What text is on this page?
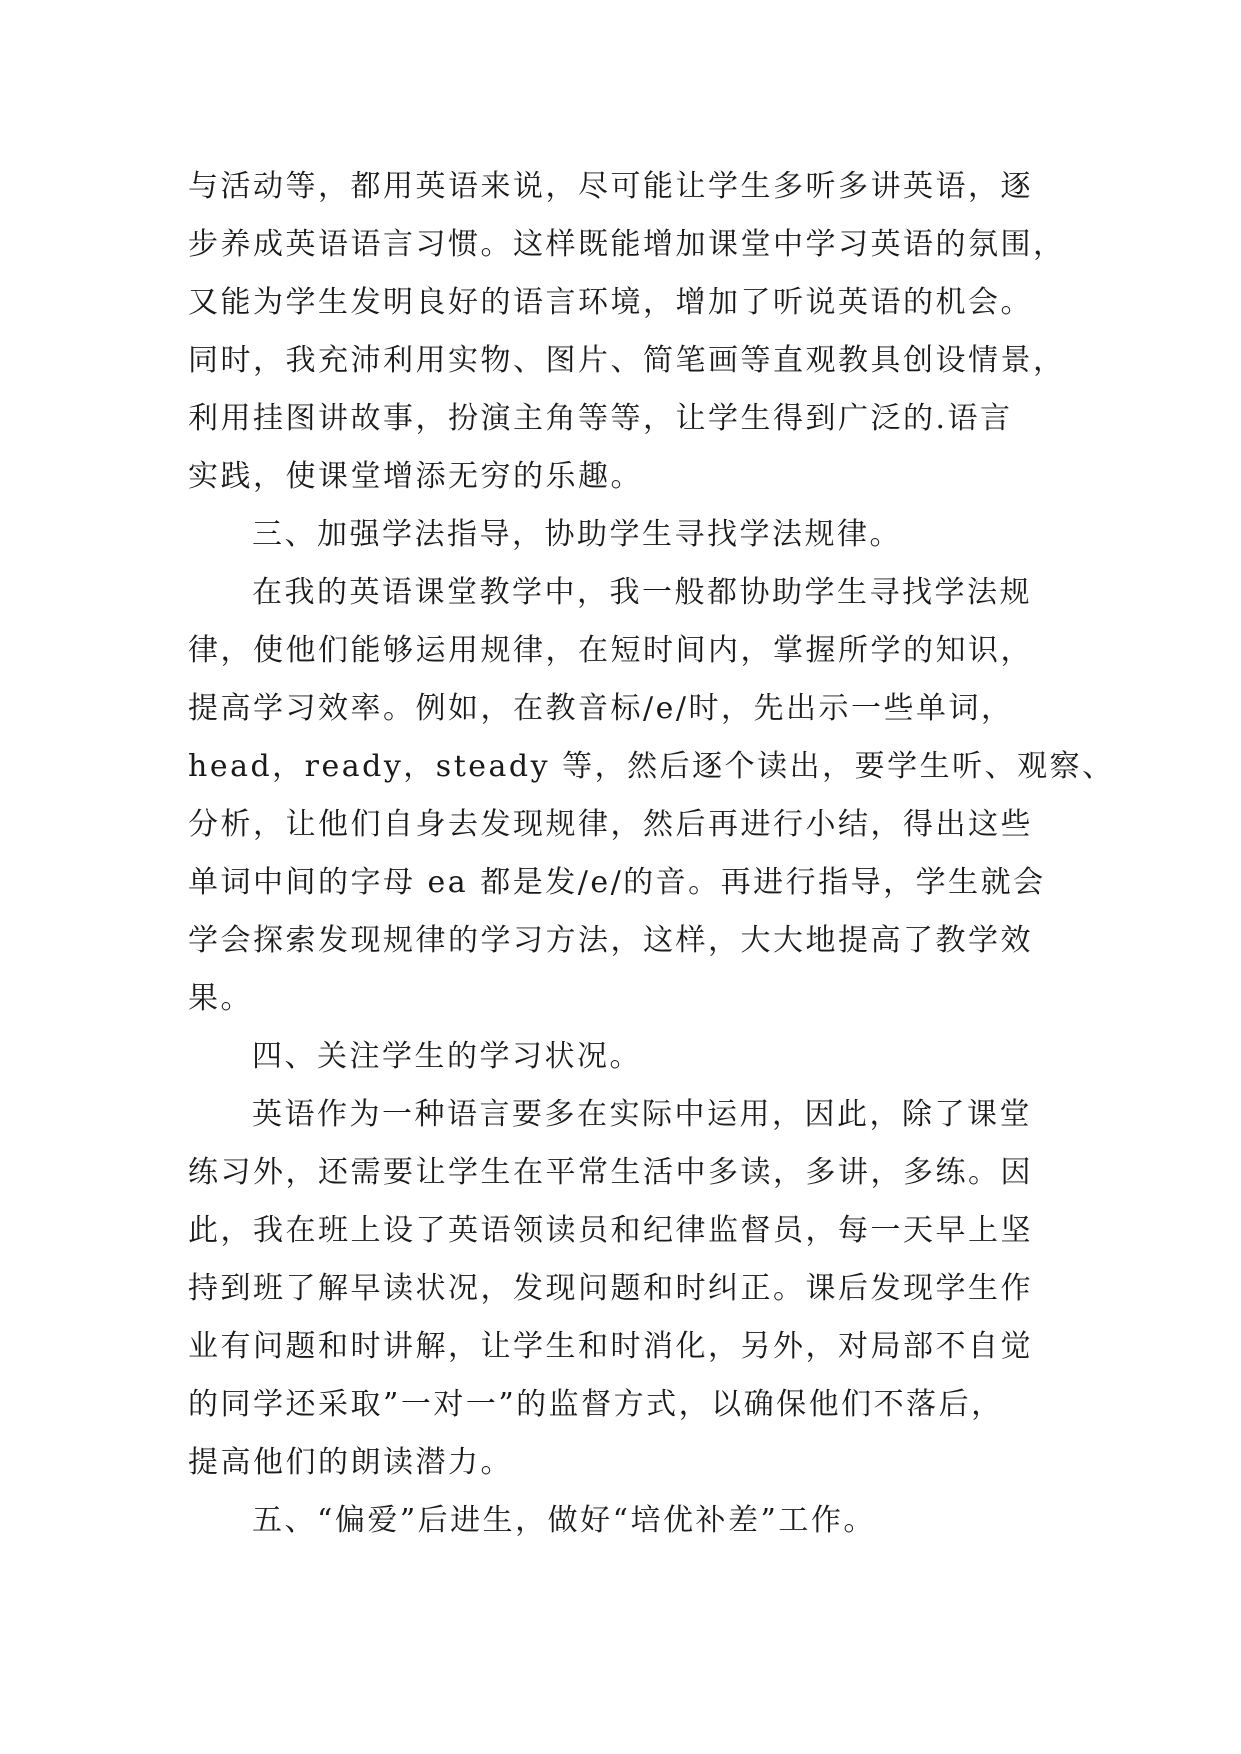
与活动等，都用英语来说，尽可能让学生多听多讲英语，逐
步养成英语语言习惯。这样既能增加课堂中学习英语的氛围，
又能为学生发明良好的语言环境，增加了听说英语的机会。
同时，我充沛利用实物、图片、简笔画等直观教具创设情景，
利用挂图讲故事，扮演主角等等，让学生得到广泛的.语言
实践，使课堂增添无穷的乐趣。
三、加强学法指导，协助学生寻找学法规律。
在我的英语课堂教学中，我一般都协助学生寻找学法规
律，使他们能够运用规律，在短时间内，掌握所学的知识，
提高学习效率。例如，在教音标/e/时，先出示一些单词，
head，ready，steady 等，然后逐个读出，要学生听、观察、
分析，让他们自身去发现规律，然后再进行小结，得出这些
单词中间的字母 ea 都是发/e/的音。再进行指导，学生就会
学会探索发现规律的学习方法，这样，大大地提高了教学效
果。
四、关注学生的学习状况。
英语作为一种语言要多在实际中运用，因此，除了课堂
练习外，还需要让学生在平常生活中多读，多讲，多练。因
此，我在班上设了英语领读员和纪律监督员，每一天早上坚
持到班了解早读状况，发现问题和时纠正。课后发现学生作
业有问题和时讲解，让学生和时消化，另外，对局部不自觉
的同学还采取”一对一”的监督方式，以确保他们不落后，
提高他们的朗读潜力。
五、“偏爱”后进生，做好“培优补差”工作。
